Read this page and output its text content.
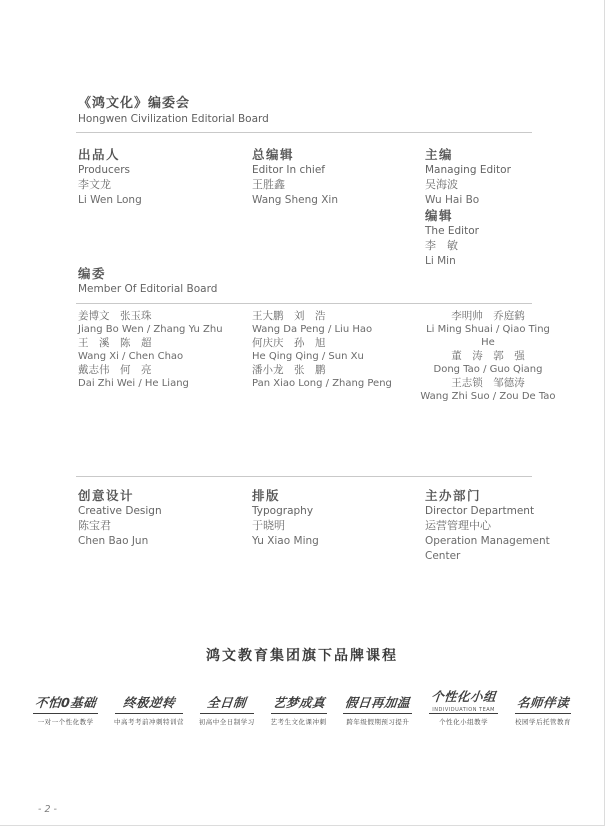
《鸿文化》编委会
Hongwen Civilization Editorial Board
出品人
Producers
李文龙
Li Wen Long
总编辑
Editor In chief
王胜鑫
Wang Sheng Xin
主编
Managing Editor
吴海波
Wu Hai Bo
编辑
The Editor
李　敏
Li Min
编委
Member Of Editorial Board
姜博文　张玉珠
Jiang Bo Wen / Zhang Yu Zhu
王　溪　陈　超
Wang Xi / Chen Chao
戴志伟　何　亮
Dai Zhi Wei / He Liang
王大鹏　刘　浩
Wang Da Peng / Liu Hao
何庆庆　孙　旭
He Qing Qing / Sun Xu
潘小龙　张　鹏
Pan Xiao Long / Zhang Peng
李明帅　乔庭鹤
Li Ming Shuai / Qiao Ting He
董　涛　郭　强
Dong Tao / Guo Qiang
王志锁　邹德涛
Wang Zhi Suo / Zou De Tao
创意设计
Creative Design
陈宝君
Chen Bao Jun
排版
Typography
于晓明
Yu Xiao Ming
主办部门
Director Department
运营管理中心
Operation Management
Center
鸿文教育集团旗下品牌课程
不怕0基础
一对一个性化教学
终极逆转
中高考考前冲刺特训营
全日制
初高中全日制学习
艺梦成真
艺考生文化课冲刺
假日再加温
跨年级假期预习提升
个性化小组
INDIVIDUATION TEAM
个性化小组教学
名师伴读
校园学后托管教育
- 2 -
